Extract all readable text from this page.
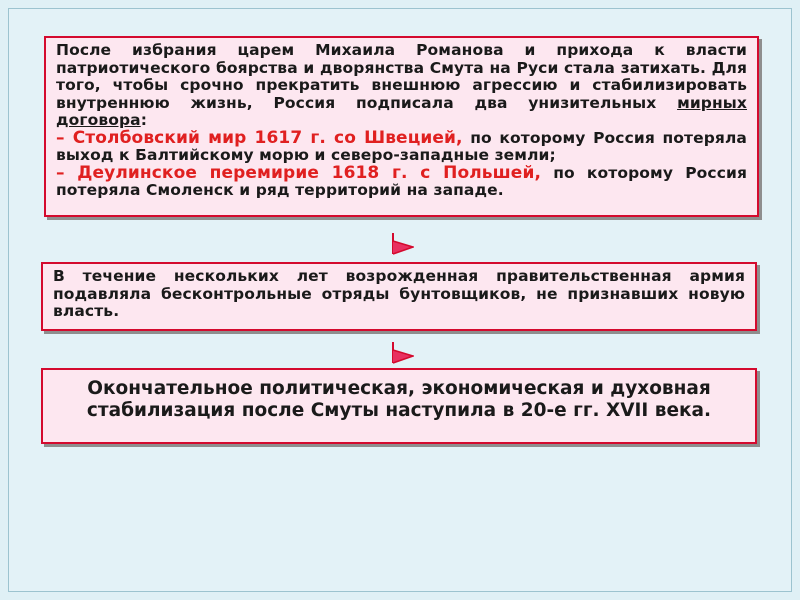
После избрания царем Михаила Романова и прихода к власти патриотического боярства и дворянства Смута на Руси стала затихать. Для того, чтобы срочно прекратить внешнюю агрессию и стабилизировать внутреннюю жизнь, Россия подписала два унизительных мирных договора:
– Столбовский мир 1617 г. со Швецией, по которому Россия потеряла выход к Балтийскому морю и северо-западные земли;
– Деулинское перемирие 1618 г. с Польшей, по которому Россия потеряла Смоленск и ряд территорий на западе.

В течение нескольких лет возрожденная правительственная армия подавляла бесконтрольные отряды бунтовщиков, не признавших новую власть.

Окончательное политическая, экономическая и духовная стабилизация после Смуты наступила в 20-е гг. XVII века.
